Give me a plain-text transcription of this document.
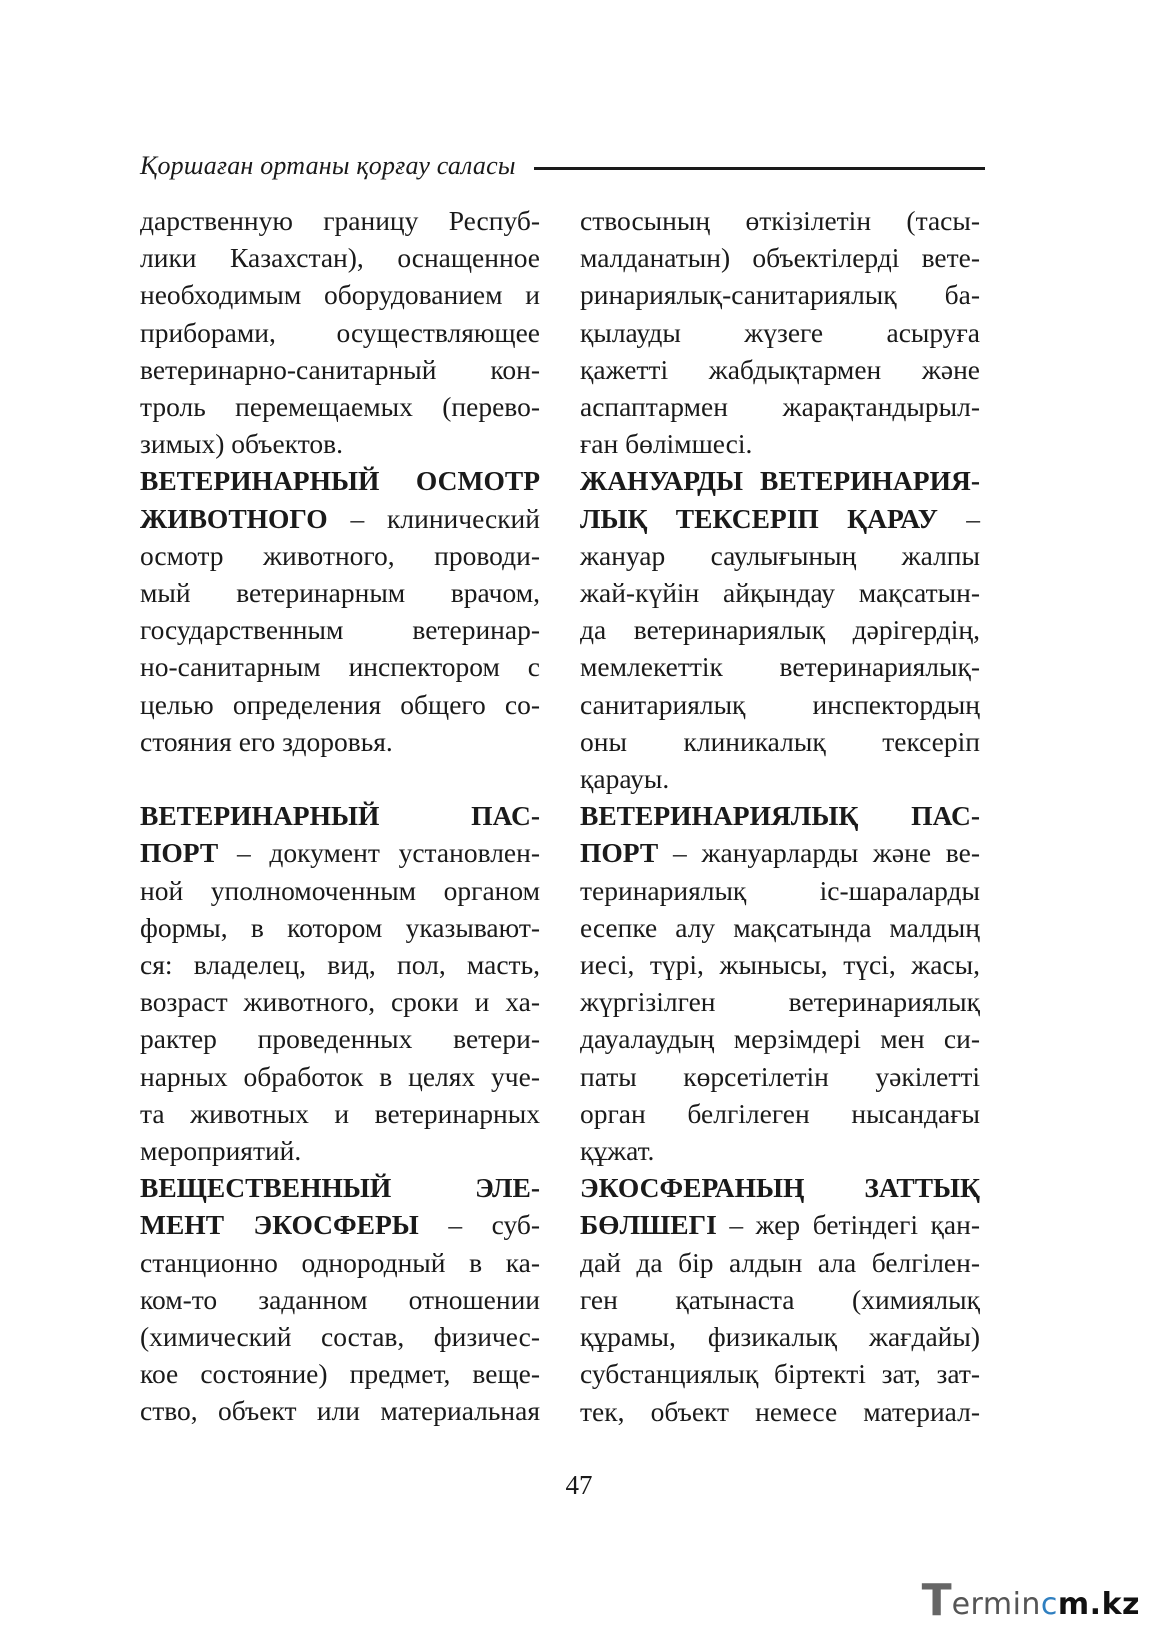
Қоршаған ортаны қорғау саласы
дарственную границу Респуб-
лики Казахстан), оснащенное
необходимым оборудованием и
приборами, осуществляющее
ветеринарно-санитарный кон-
троль перемещаемых (перево-
зимых) объектов.
ВЕТЕРИНАРНЫЙ ОСМОТР
ЖИВОТНОГО – клинический
осмотр животного, проводи-
мый ветеринарным врачом,
государственным ветеринар-
но-санитарным инспектором с
целью определения общего со-
стояния его здоровья.
ВЕТЕРИНАРНЫЙ ПАС-
ПОРТ – документ установлен-
ной уполномоченным органом
формы, в котором указывают-
ся: владелец, вид, пол, масть,
возраст животного, сроки и ха-
рактер проведенных ветери-
нарных обработок в целях уче-
та животных и ветеринарных
мероприятий.
ВЕЩЕСТВЕННЫЙ ЭЛЕ-
МЕНТ ЭКОСФЕРЫ – суб-
станционно однородный в ка-
ком-то заданном отношении
(химический состав, физичес-
кое состояние) предмет, веще-
ство, объект или материальная
ствосының өткізілетін (тасы-
малданатын) объектілерді вете-
ринариялық-санитариялық ба-
қылауды жүзеге асыруға
қажетті жабдықтармен және
аспаптармен жарақтандырыл-
ған бөлімшесі.
ЖАНУАРДЫ ВЕТЕРИНАРИЯ-
ЛЫҚ ТЕКСЕРІП ҚАРАУ –
жануар саулығының жалпы
жай-күйін айқындау мақсатын-
да ветеринариялық дәрігердің,
мемлекеттік ветеринариялық-
санитариялық инспектордың
оны клиникалық тексеріп
қарауы.
ВЕТЕРИНАРИЯЛЫҚ ПАС-
ПОРТ – жануарларды және ве-
теринариялық іс-шараларды
есепке алу мақсатында малдың
иесі, түрі, жынысы, түсі, жасы,
жүргізілген ветеринариялық
дауалаудың мерзімдері мен си-
паты көрсетілетін уәкілетті
орган белгілеген нысандағы
құжат.
ЭКОСФЕРАНЫҢ ЗАТТЫҚ
БӨЛШЕГІ – жер бетіндегі қан-
дай да бір алдын ала белгілен-
ген қатынаста (химиялық
құрамы, физикалық жағдайы)
субстанциялық біртекті зат, зат-
тек, объект немесе материал-
47
T ermincm.kz
